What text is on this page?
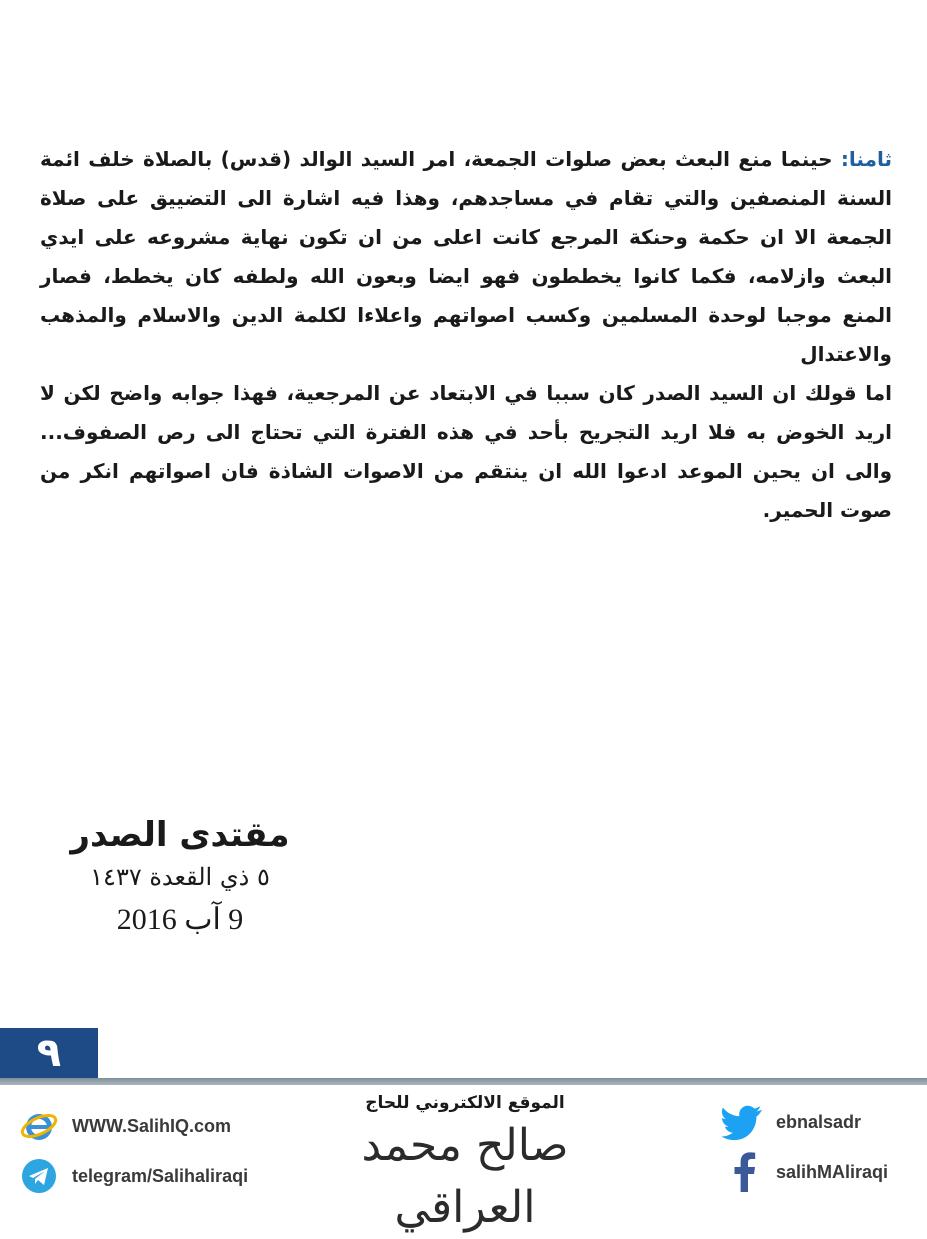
ثامنا: حينما منع البعث بعض صلوات الجمعة، امر السيد الوالد (قدس) بالصلاة خلف ائمة السنة المنصفين والتي تقام في مساجدهم، وهذا فيه اشارة الى التضييق على صلاة الجمعة الا ان حكمة وحنكة المرجع كانت اعلى من ان تكون نهاية مشروعه على ايدي البعث وازلامه، فكما كانوا يخططون فهو ايضا وبعون الله ولطفه كان يخطط، فصار المنع موجبا لوحدة المسلمين وكسب اصواتهم واعلاءا لكلمة الدين والاسلام والمذهب والاعتدال

اما قولك ان السيد الصدر كان سببا في الابتعاد عن المرجعية، فهذا جوابه واضح لكن لا اريد الخوض به فلا اريد التجريح بأحد في هذه الفترة التي تحتاج الى رص الصفوف... والى ان يحين الموعد ادعوا الله ان ينتقم من الاصوات الشاذة فان اصواتهم انكر من صوت الحمير.

مقتدى الصدر
٥ ذي القعدة ١٤٣٧
9 آب 2016
٩
WWW.SalihIQ.com
telegram/Salihaliraqi
الموقع الالكتروني للحاج
صالح محمد العراقي
ebnalsadr
salihMAliraqi
